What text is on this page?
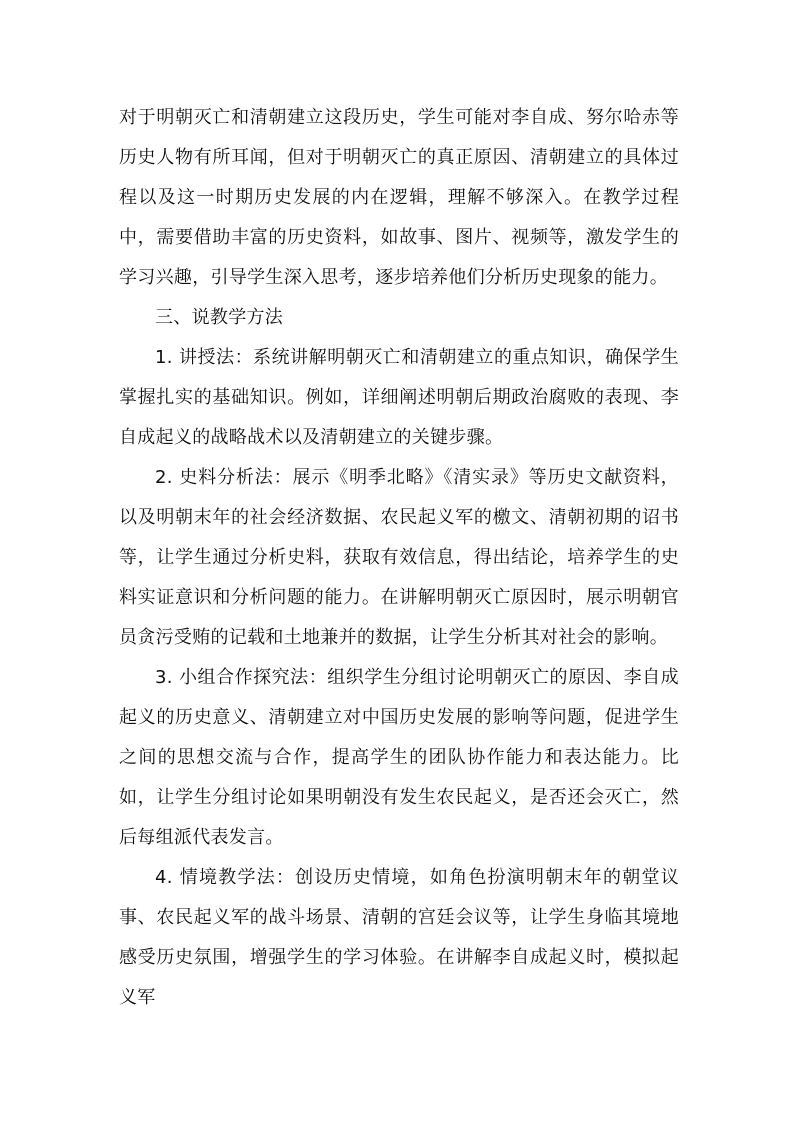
对于明朝灭亡和清朝建立这段历史，学生可能对李自成、努尔哈赤等历史人物有所耳闻，但对于明朝灭亡的真正原因、清朝建立的具体过程以及这一时期历史发展的内在逻辑，理解不够深入。在教学过程中，需要借助丰富的历史资料，如故事、图片、视频等，激发学生的学习兴趣，引导学生深入思考，逐步培养他们分析历史现象的能力。

三、说教学方法

1. 讲授法：系统讲解明朝灭亡和清朝建立的重点知识，确保学生掌握扎实的基础知识。例如，详细阐述明朝后期政治腐败的表现、李自成起义的战略战术以及清朝建立的关键步骤。

2. 史料分析法：展示《明季北略》《清实录》等历史文献资料，以及明朝末年的社会经济数据、农民起义军的檄文、清朝初期的诏书等，让学生通过分析史料，获取有效信息，得出结论，培养学生的史料实证意识和分析问题的能力。在讲解明朝灭亡原因时，展示明朝官员贪污受贿的记载和土地兼并的数据，让学生分析其对社会的影响。

3. 小组合作探究法：组织学生分组讨论明朝灭亡的原因、李自成起义的历史意义、清朝建立对中国历史发展的影响等问题，促进学生之间的思想交流与合作，提高学生的团队协作能力和表达能力。比如，让学生分组讨论如果明朝没有发生农民起义，是否还会灭亡，然后每组派代表发言。

4. 情境教学法：创设历史情境，如角色扮演明朝末年的朝堂议事、农民起义军的战斗场景、清朝的宫廷会议等，让学生身临其境地感受历史氛围，增强学生的学习体验。在讲解李自成起义时，模拟起义军
